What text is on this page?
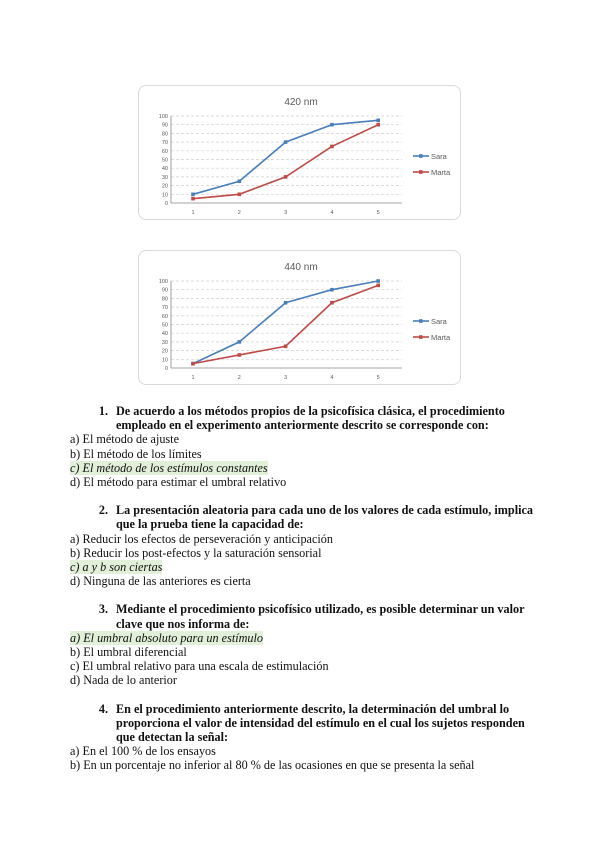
420 nm
0
10
20
30
40
50
60
70
80
90
100
1	2	3	4	5
Sara
Marta
440 nm
0
10
20
30
40
50
60
70
80
90
100
1	2	3	4	5
Sara
Marta
1. De acuerdo a los métodos propios de la psicofísica clásica, el procedimiento empleado en el experimento anteriormente descrito se corresponde con:
a) El método de ajuste
b) El método de los límites
c) El método de los estímulos constantes
d) El método para estimar el umbral relativo
2. La presentación aleatoria para cada uno de los valores de cada estímulo, implica que la prueba tiene la capacidad de:
a) Reducir los efectos de perseveración y anticipación
b) Reducir los post-efectos y la saturación sensorial
c) a y b son ciertas
d) Ninguna de las anteriores es cierta
3. Mediante el procedimiento psicofísico utilizado, es posible determinar un valor clave que nos informa de:
a) El umbral absoluto para un estímulo
b) El umbral diferencial
c) El umbral relativo para una escala de estimulación
d) Nada de lo anterior
4. En el procedimiento anteriormente descrito, la determinación del umbral lo proporciona el valor de intensidad del estímulo en el cual los sujetos responden que detectan la señal:
a) En el 100 % de los ensayos
b) En un porcentaje no inferior al 80 % de las ocasiones en que se presenta la señal
